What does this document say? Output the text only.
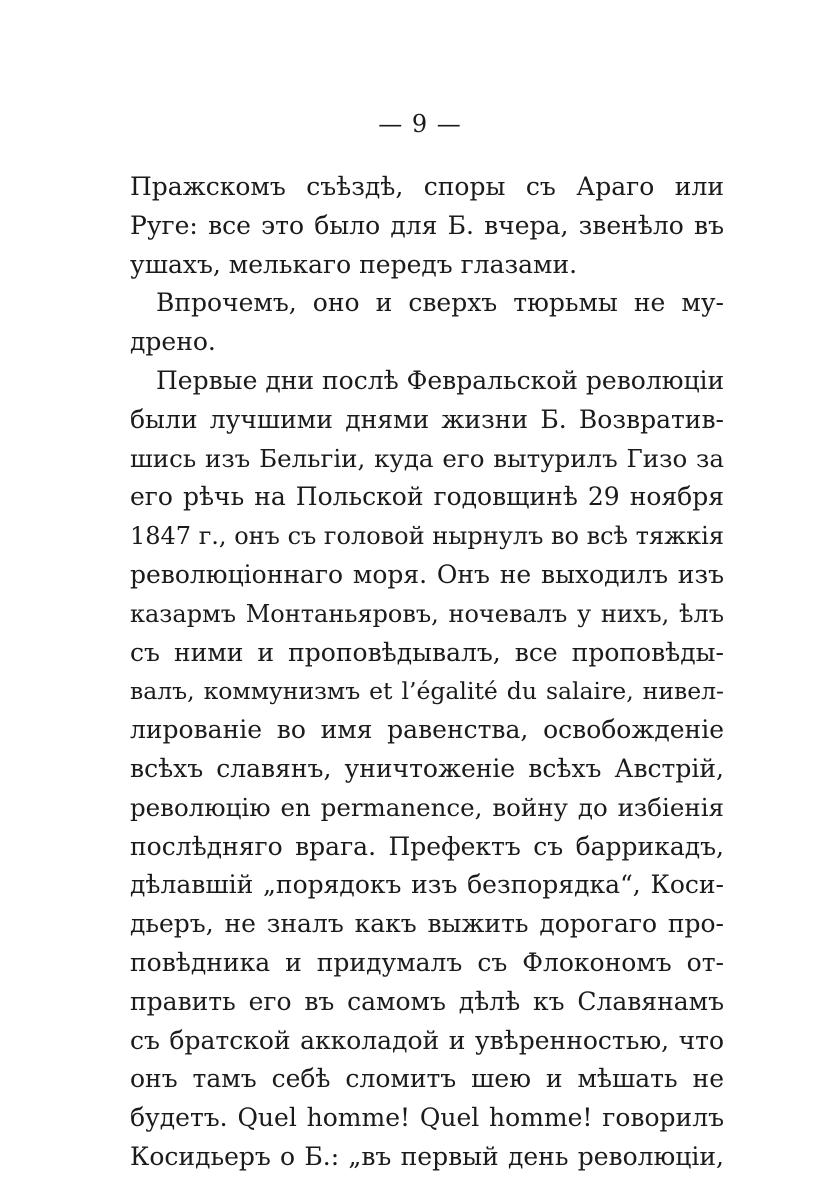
— 9 —
Пражскомъ съѣздѣ, споры съ Араго или
Руге: все это было для Б. вчера, звенѣло въ
ушахъ, мелькаго передъ глазами.
Впрочемъ, оно и сверхъ тюрьмы не му-
дрено.
Первые дни послѣ Февральской революціи
были лучшими днями жизни Б. Возвратив-
шись изъ Бельгіи, куда его вытурилъ Гизо за
его рѣчь на Польской годовщинѣ 29 ноября
1847 г., онъ съ головой нырнулъ во всѣ тяжкія
революціоннаго моря. Онъ не выходилъ изъ
казармъ Монтаньяровъ, ночевалъ у нихъ, ѣлъ
съ ними и проповѣдывалъ, все проповѣды-
валъ, коммунизмъ et l’égalité du salaire, нивел-
лированіе во имя равенства, освобожденіе
всѣхъ славянъ, уничтоженіе всѣхъ Австрій,
революцію en permanence, войну до избіенія
послѣдняго врага. Префектъ съ баррикадъ,
дѣлавшій „порядокъ изъ безпорядка“, Коси-
дьеръ, не зналъ какъ выжить дорогаго про-
повѣдника и придумалъ съ Флокономъ от-
править его въ самомъ дѣлѣ къ Славянамъ
съ братской акколадой и увѣренностью, что
онъ тамъ себѣ сломитъ шею и мѣшать не
будетъ. Quel homme! Quel homme! говорилъ
Косидьеръ о Б.: „въ первый день революціи,
